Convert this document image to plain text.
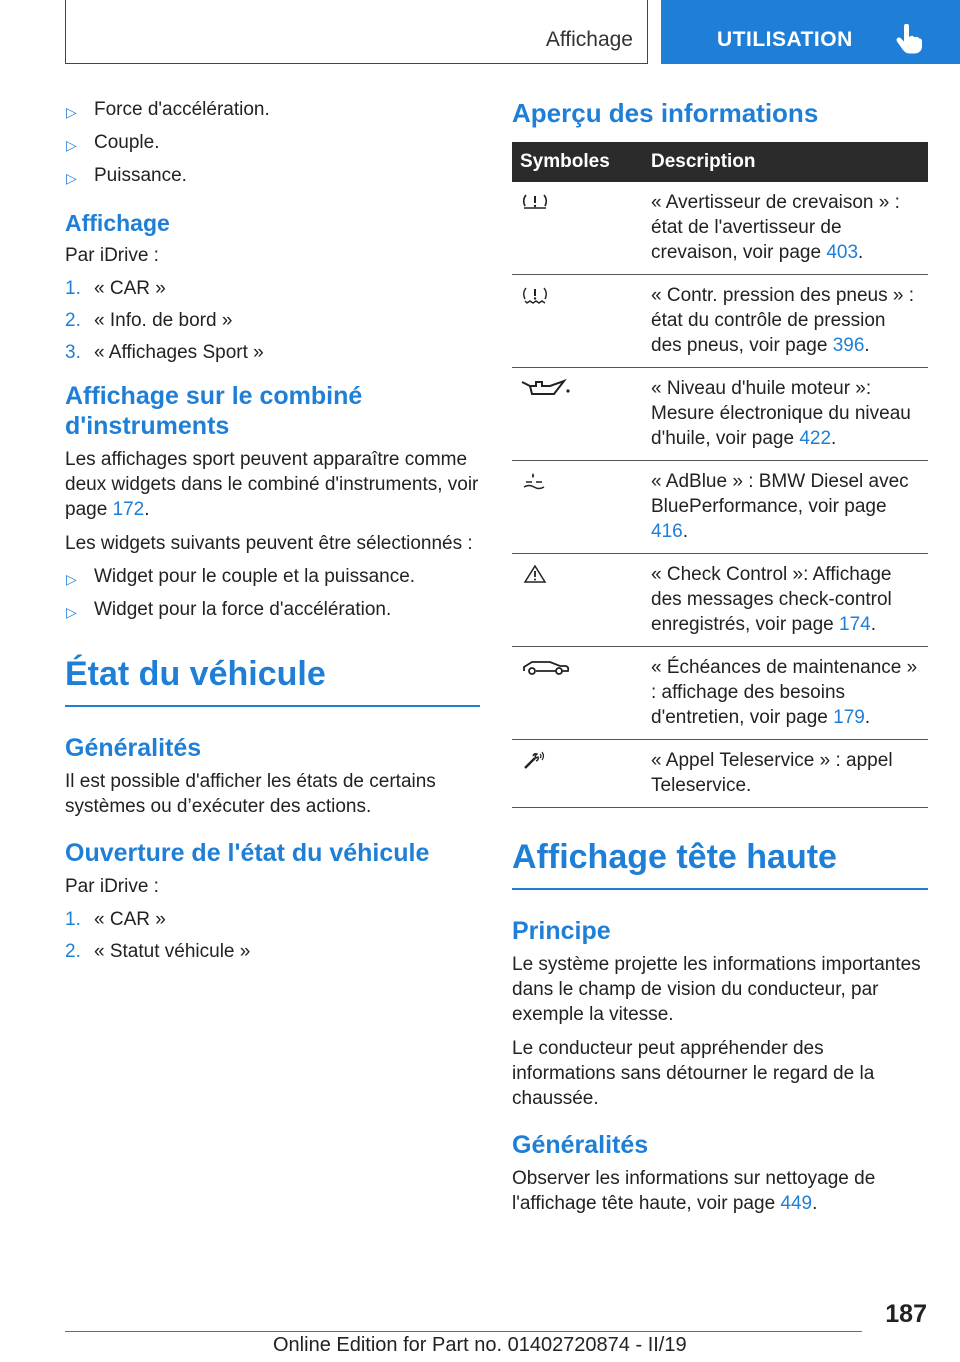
Affichage	UTILISATION
▷ Force d'accélération.
▷ Couple.
▷ Puissance.
Affichage

Par iDrive :

1. « CAR »
2. « Info. de bord »
3. « Affichages Sport »
Affichage sur le combiné d'instruments

Les affichages sport peuvent apparaître comme deux widgets dans le combiné d'instruments, voir page 172.

Les widgets suivants peuvent être sélectionnés :

▷ Widget pour le couple et la puissance.
▷ Widget pour la force d'accélération.
État du véhicule
Généralités

Il est possible d'afficher les états de certains systèmes ou d’exécuter des actions.

Ouverture de l'état du véhicule

Par iDrive :

1. « CAR »
2. « Statut véhicule »
Aperçu des informations
Symboles	Description

	« Avertisseur de crevaison » : état de l'avertisseur de crevaison, voir page 403.

	« Contr. pression des pneus » : état du contrôle de pression des pneus, voir page 396.

	« Niveau d'huile moteur »: Mesure électronique du niveau d'huile, voir page 422.

	« AdBlue » : BMW Diesel avec BluePerformance, voir page 416.

	« Check Control »: Affichage des messages check-control enregistrés, voir page 174.

	« Échéances de maintenance » : affichage des besoins d'entretien, voir page 179.

	« Appel Teleservice » : appel Teleservice.
Affichage tête haute
Principe

Le système projette les informations importantes dans le champ de vision du conducteur, par exemple la vitesse.

Le conducteur peut appréhender des informations sans détourner le regard de la chaussée.

Généralités

Observer les informations sur nettoyage de l'affichage tête haute, voir page 449.

187
Online Edition for Part no. 01402720874 - II/19
